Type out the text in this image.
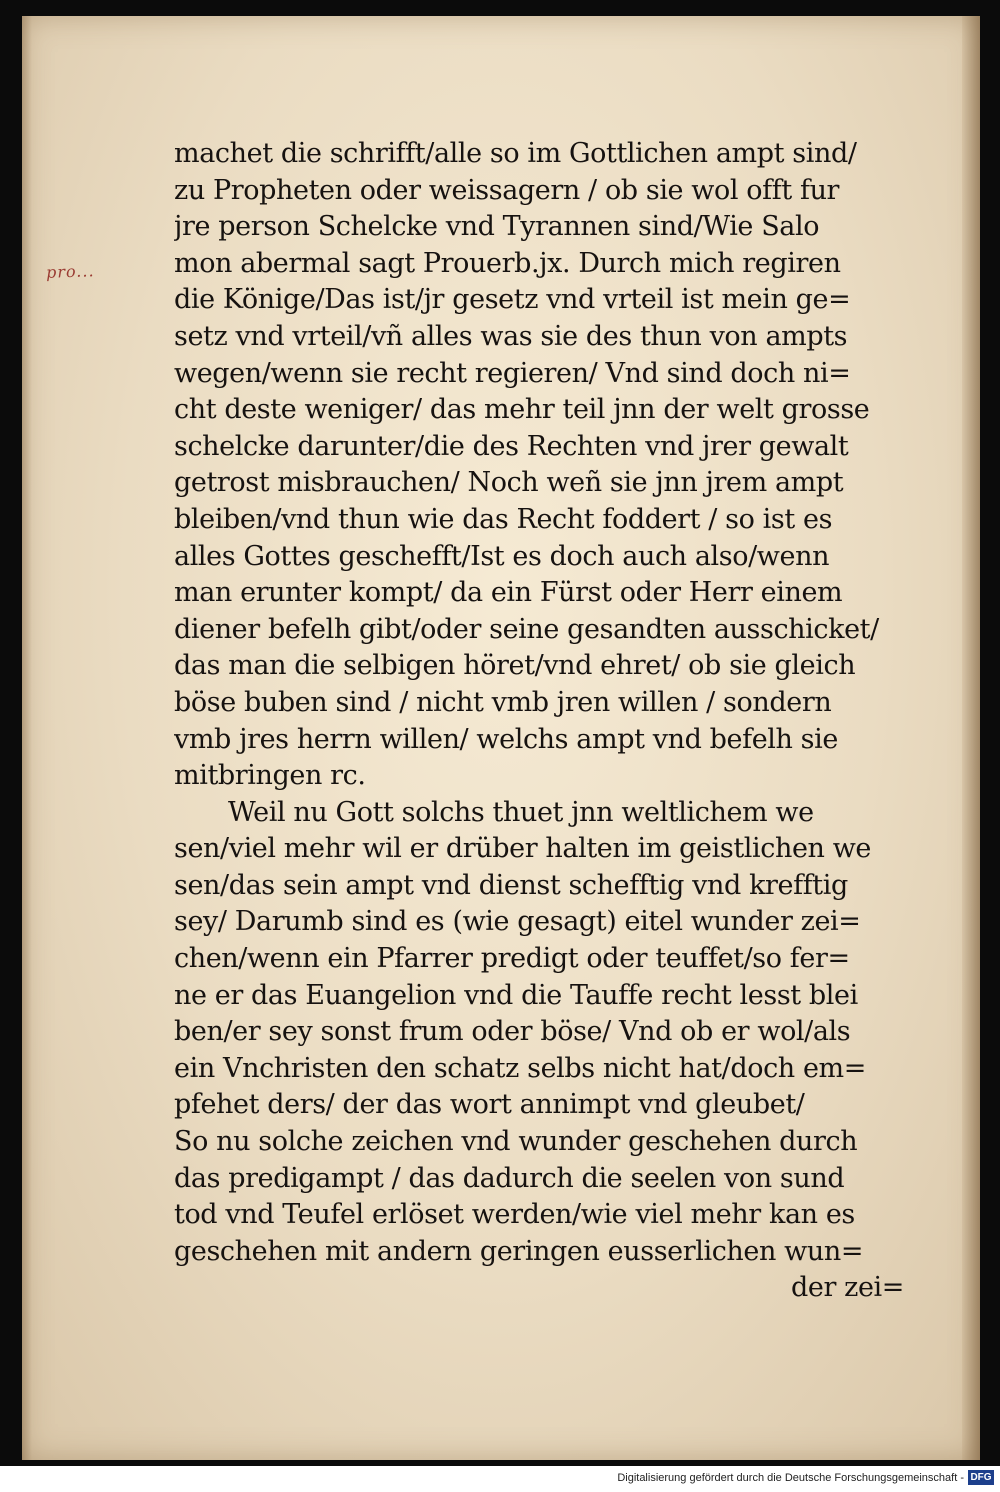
pro...
machet die schrifft/alle so im Gottlichen ampt sind/
zu Propheten oder weissagern / ob sie wol offt fur
jre person Schelcke vnd Tyrannen sind/Wie Salo
mon abermal sagt Prouerb.jx. Durch mich regiren
die Könige/Das ist/jr gesetz vnd vrteil ist mein ge=
setz vnd vrteil/vñ alles was sie des thun von ampts
wegen/wenn sie recht regieren/ Vnd sind doch ni=
cht deste weniger/ das mehr teil jnn der welt grosse
schelcke darunter/die des Rechten vnd jrer gewalt
getrost misbrauchen/ Noch weñ sie jnn jrem ampt
bleiben/vnd thun wie das Recht foddert / so ist es
alles Gottes geschefft/Ist es doch auch also/wenn
man erunter kompt/ da ein Fürst oder Herr einem
diener befelh gibt/oder seine gesandten ausschicket/
das man die selbigen höret/vnd ehret/ ob sie gleich
böse buben sind / nicht vmb jren willen / sondern
vmb jres herrn willen/ welchs ampt vnd befelh sie
mitbringen rc.
Weil nu Gott solchs thuet jnn weltlichem we
sen/viel mehr wil er drüber halten im geistlichen we
sen/das sein ampt vnd dienst schefftig vnd krefftig
sey/ Darumb sind es (wie gesagt) eitel wunder zei=
chen/wenn ein Pfarrer predigt oder teuffet/so fer=
ne er das Euangelion vnd die Tauffe recht lesst blei
ben/er sey sonst frum oder böse/ Vnd ob er wol/als
ein Vnchristen den schatz selbs nicht hat/doch em=
pfehet ders/ der das wort annimpt vnd gleubet/
So nu solche zeichen vnd wunder geschehen durch
das predigampt / das dadurch die seelen von sund
tod vnd Teufel erlöset werden/wie viel mehr kan es
geschehen mit andern geringen eusserlichen wun=
der zei=
Digitalisierung gefördert durch die Deutsche Forschungsgemeinschaft - DFG
